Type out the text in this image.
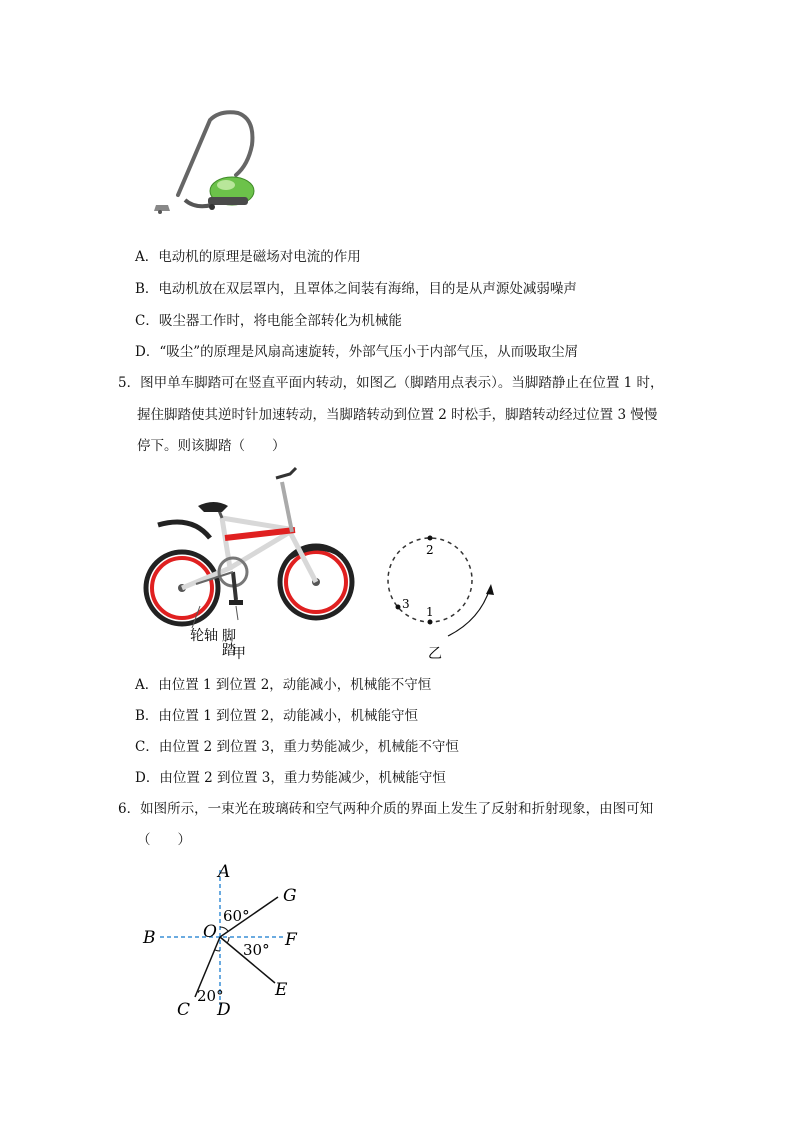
A．电动机的原理是磁场对电流的作用
B．电动机放在双层罩内，且罩体之间装有海绵，目的是从声源处减弱噪声
C．吸尘器工作时，将电能全部转化为机械能
D．“吸尘”的原理是风扇高速旋转，外部气压小于内部气压，从而吸取尘屑
5．图甲单车脚踏可在竖直平面内转动，如图乙（脚踏用点表示）。当脚踏静止在位置 1 时，
握住脚踏使其逆时针加速转动，当脚踏转动到位置 2 时松手，脚踏转动经过位置 3 慢慢
停下。则该脚踏（　　）
轮轴 脚踏
甲
2
1
3
乙
A．由位置 1 到位置 2，动能减小，机械能不守恒
B．由位置 1 到位置 2，动能减小，机械能守恒
C．由位置 2 到位置 3，重力势能减少，机械能不守恒
D．由位置 2 到位置 3，重力势能减少，机械能守恒
6．如图所示，一束光在玻璃砖和空气两种介质的界面上发生了反射和折射现象，由图可知
（　　）
A
B
C D
E
F
G
O
60°
30°
20°
